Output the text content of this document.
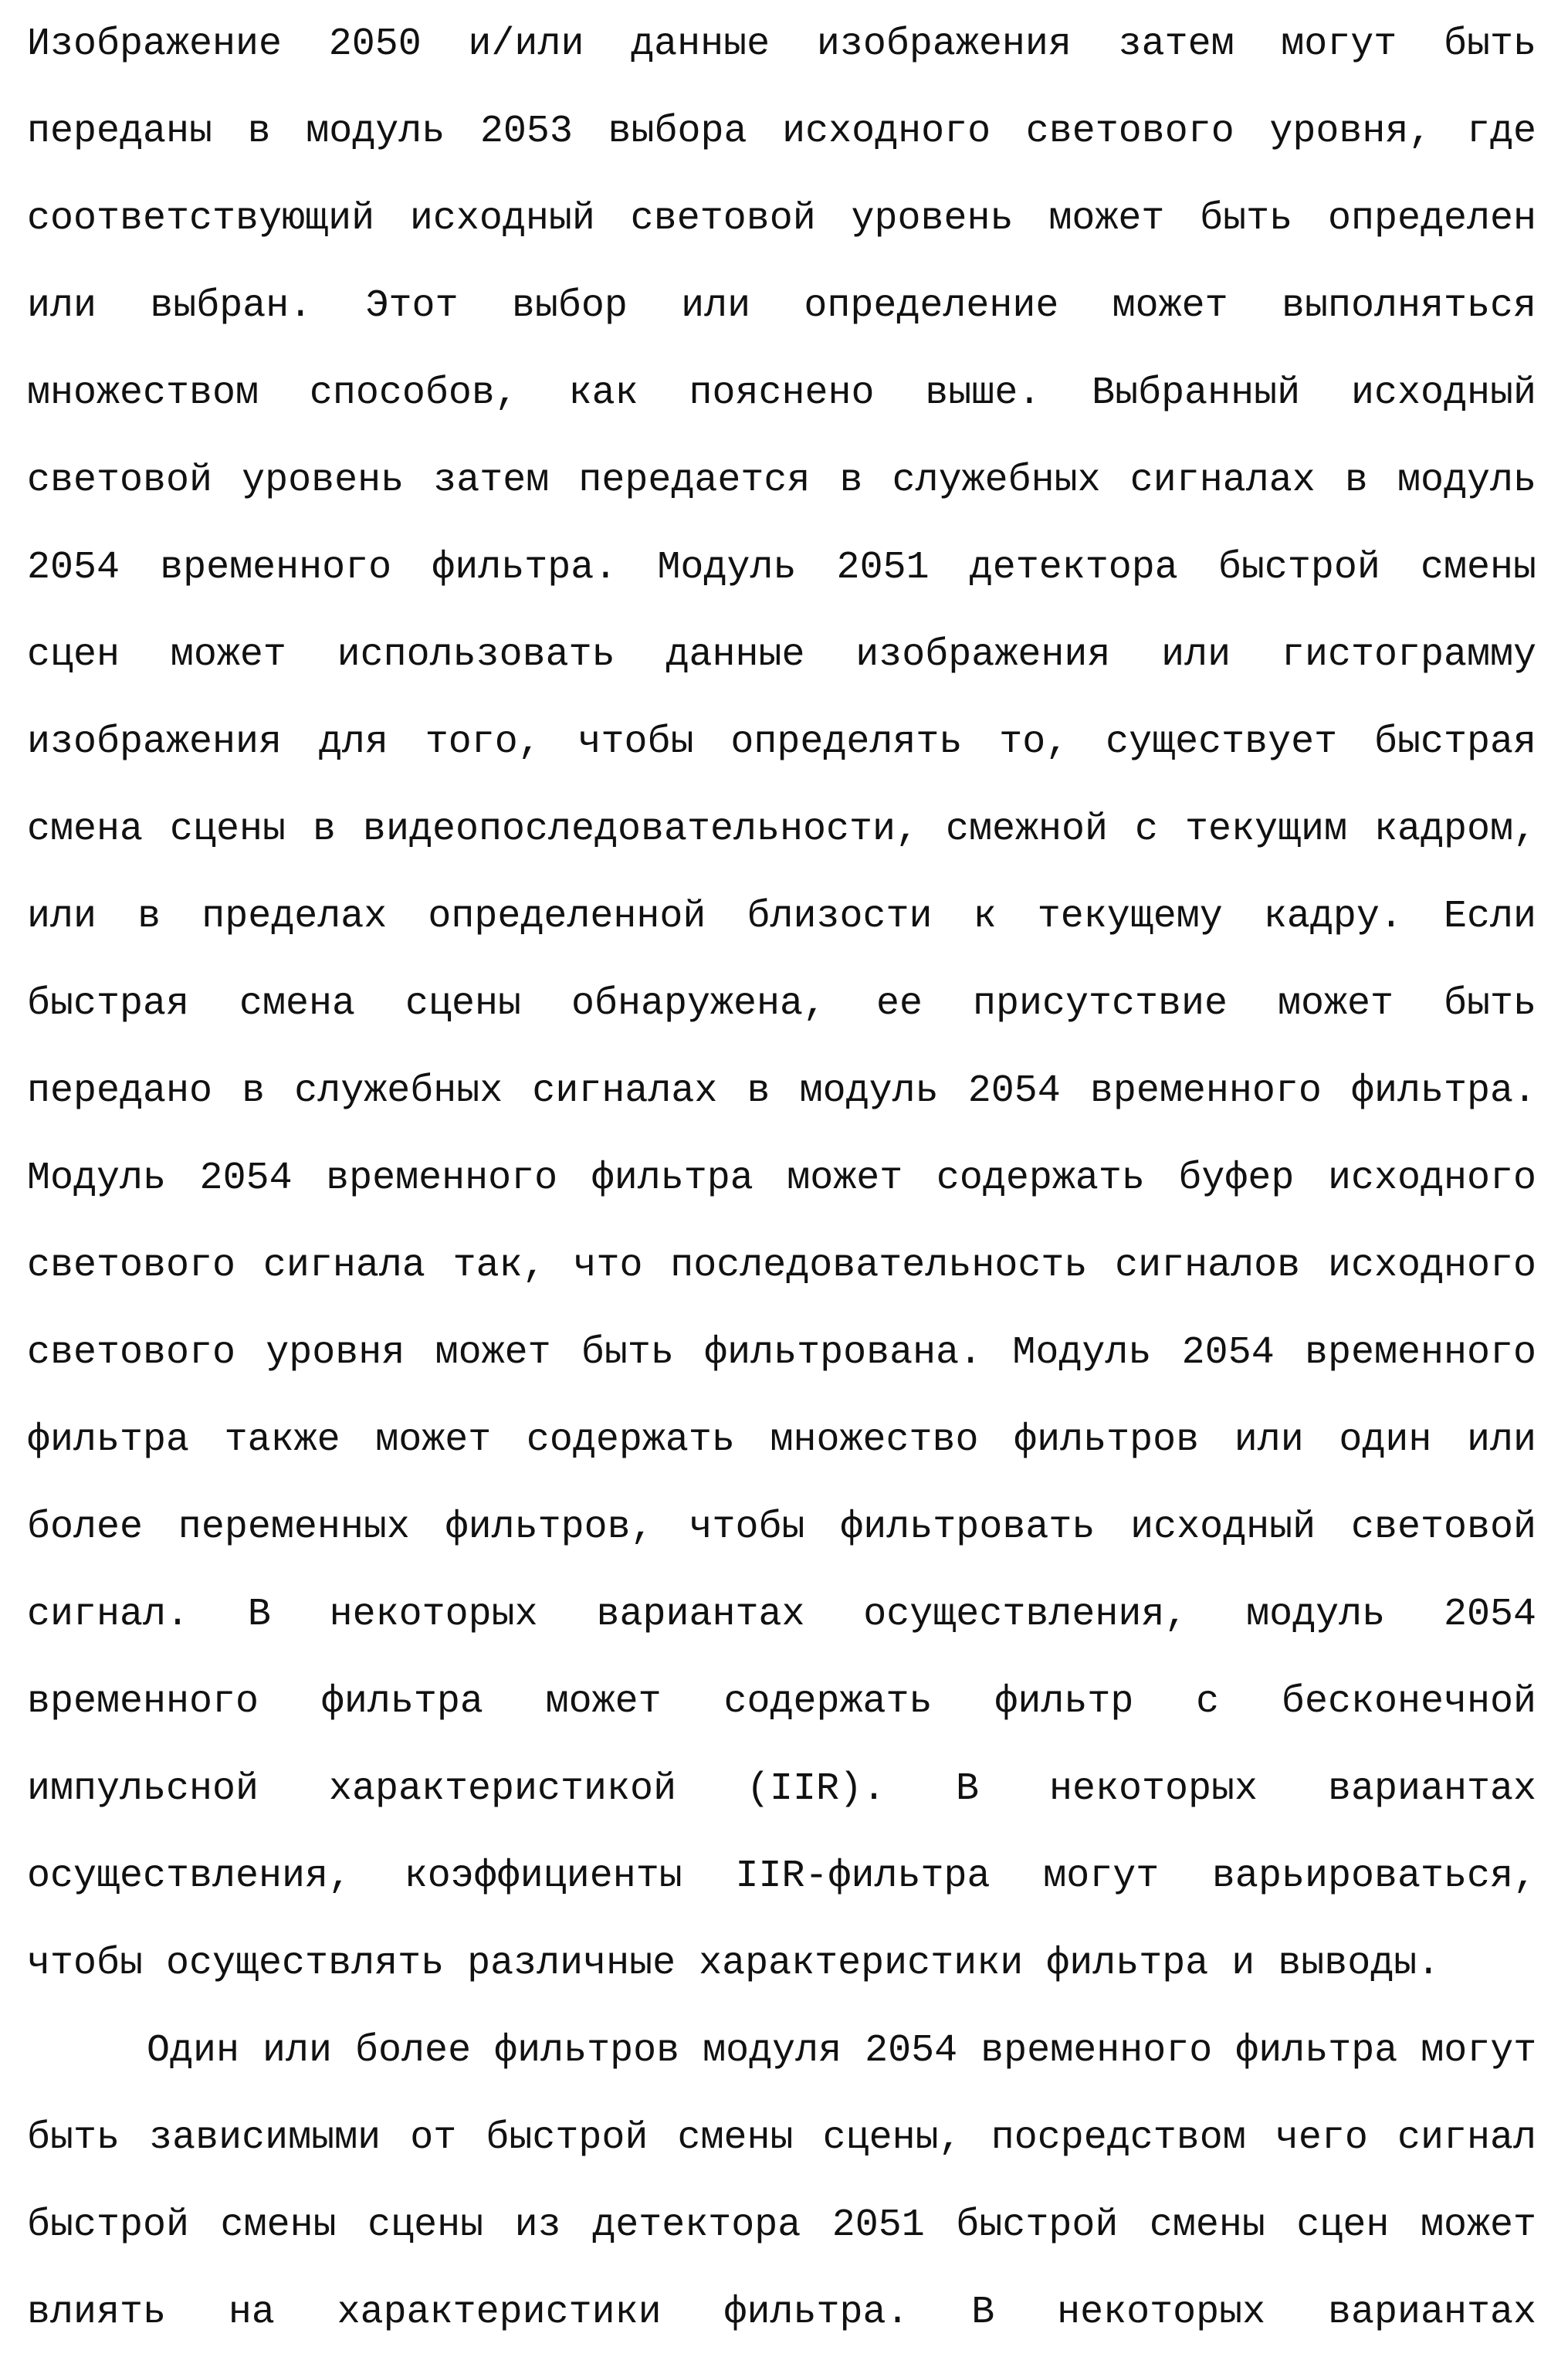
Изображение 2050 и/или данные изображения затем могут быть
переданы в модуль 2053 выбора исходного светового уровня, где
соответствующий исходный световой уровень может быть определен
или выбран. Этот выбор или определение может выполняться
множеством способов, как пояснено выше. Выбранный исходный
световой уровень затем передается в служебных сигналах в модуль
2054 временного фильтра. Модуль 2051 детектора быстрой смены
сцен может использовать данные изображения или гистограмму
изображения для того, чтобы определять то, существует быстрая
смена сцены в видеопоследовательности, смежной с текущим кадром,
или в пределах определенной близости к текущему кадру. Если
быстрая смена сцены обнаружена, ее присутствие может быть
передано в служебных сигналах в модуль 2054 временного фильтра.
Модуль 2054 временного фильтра может содержать буфер исходного
светового сигнала так, что последовательность сигналов исходного
светового уровня может быть фильтрована. Модуль 2054 временного
фильтра также может содержать множество фильтров или один или
более переменных фильтров, чтобы фильтровать исходный световой
сигнал. В некоторых вариантах осуществления, модуль 2054
временного фильтра может содержать фильтр с бесконечной
импульсной характеристикой (IIR). В некоторых вариантах
осуществления, коэффициенты IIR-фильтра могут варьироваться,
чтобы осуществлять различные характеристики фильтра и выводы.
Один или более фильтров модуля 2054 временного фильтра могут
быть зависимыми от быстрой смены сцены, посредством чего сигнал
быстрой смены сцены из детектора 2051 быстрой смены сцен может
влиять на характеристики фильтра. В некоторых вариантах
